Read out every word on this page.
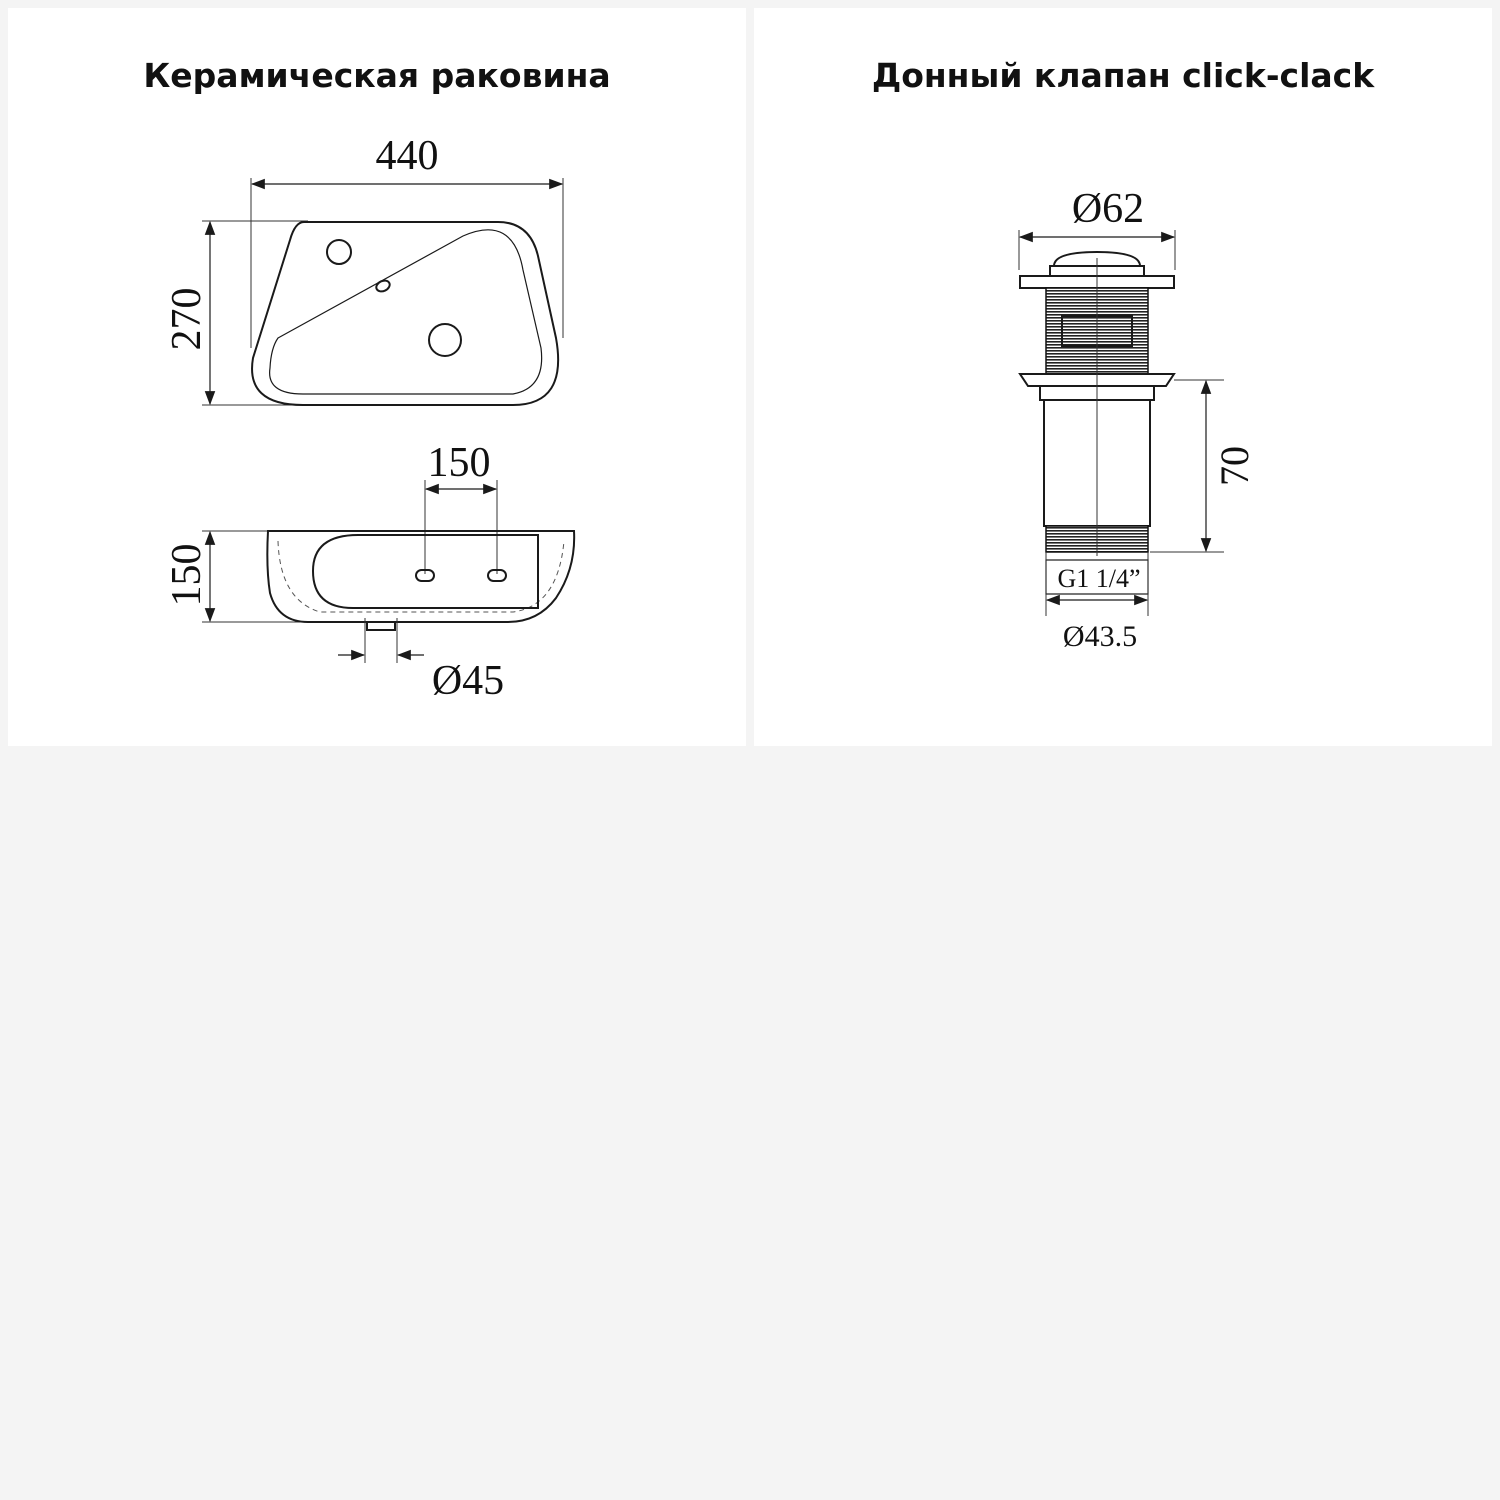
Керамическая раковина
440
270
150
150
Ø45
Донный клапан click-clack
Ø62
70
G1 1/4”
Ø43.5
